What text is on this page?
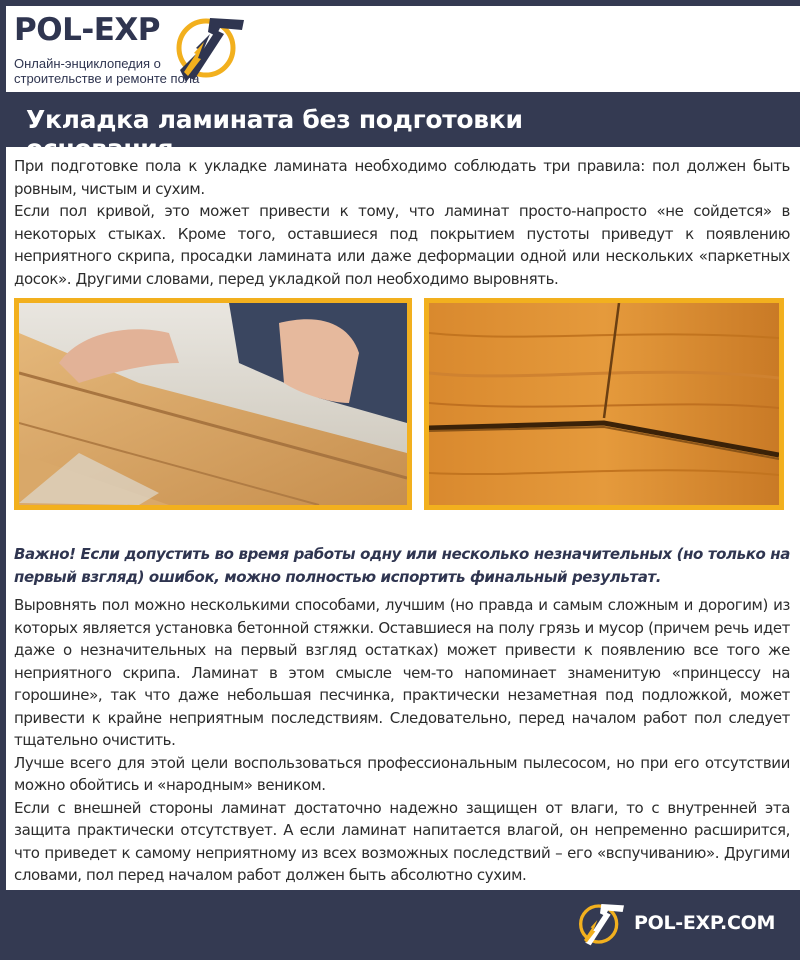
POL-EXP
Онлайн-энциклопедия о
строительстве и ремонте пола
Укладка ламината без подготовки

При подготовке пола к укладке ламината необходимо соблюдать три правила: пол должен быть ровным, чистым и сухим.

Если пол кривой, это может привести к тому, что ламинат просто-напросто «не сойдется» в некоторых стыках. Кроме того, оставшиеся под покрытием пустоты приведут к появлению неприятного скрипа, просадки ламината или даже деформации одной или нескольких «паркетных досок». Другими словами, перед укладкой пол необходимо выровнять.

Важно! Если допустить во время работы одну или несколько незначительных (но только на первый взгляд) ошибок, можно полностью испортить финальный результат.

Выровнять пол можно несколькими способами, лучшим (но правда и самым сложным и дорогим) из которых является установка бетонной стяжки. Оставшиеся на полу грязь и мусор (причем речь идет даже о незначительных на первый взгляд остатках) может привести к появлению все того же неприятного скрипа. Ламинат в этом смысле чем-то напоминает знаменитую «принцессу на горошине», так что даже небольшая песчинка, практически незаметная под подложкой, может привести к крайне неприятным последствиям. Следовательно, перед началом работ пол следует тщательно очистить.

Лучше всего для этой цели воспользоваться профессиональным пылесосом, но при его отсутствии можно обойтись и «народным» веником.

Если с внешней стороны ламинат достаточно надежно защищен от влаги, то с внутренней эта защита практически отсутствует. А если ламинат напитается влагой, он непременно расширится, что приведет к самому неприятному из всех возможных последствий – его «вспучиванию». Другими словами, пол перед началом работ должен быть абсолютно сухим.

POL-EXP.COM
